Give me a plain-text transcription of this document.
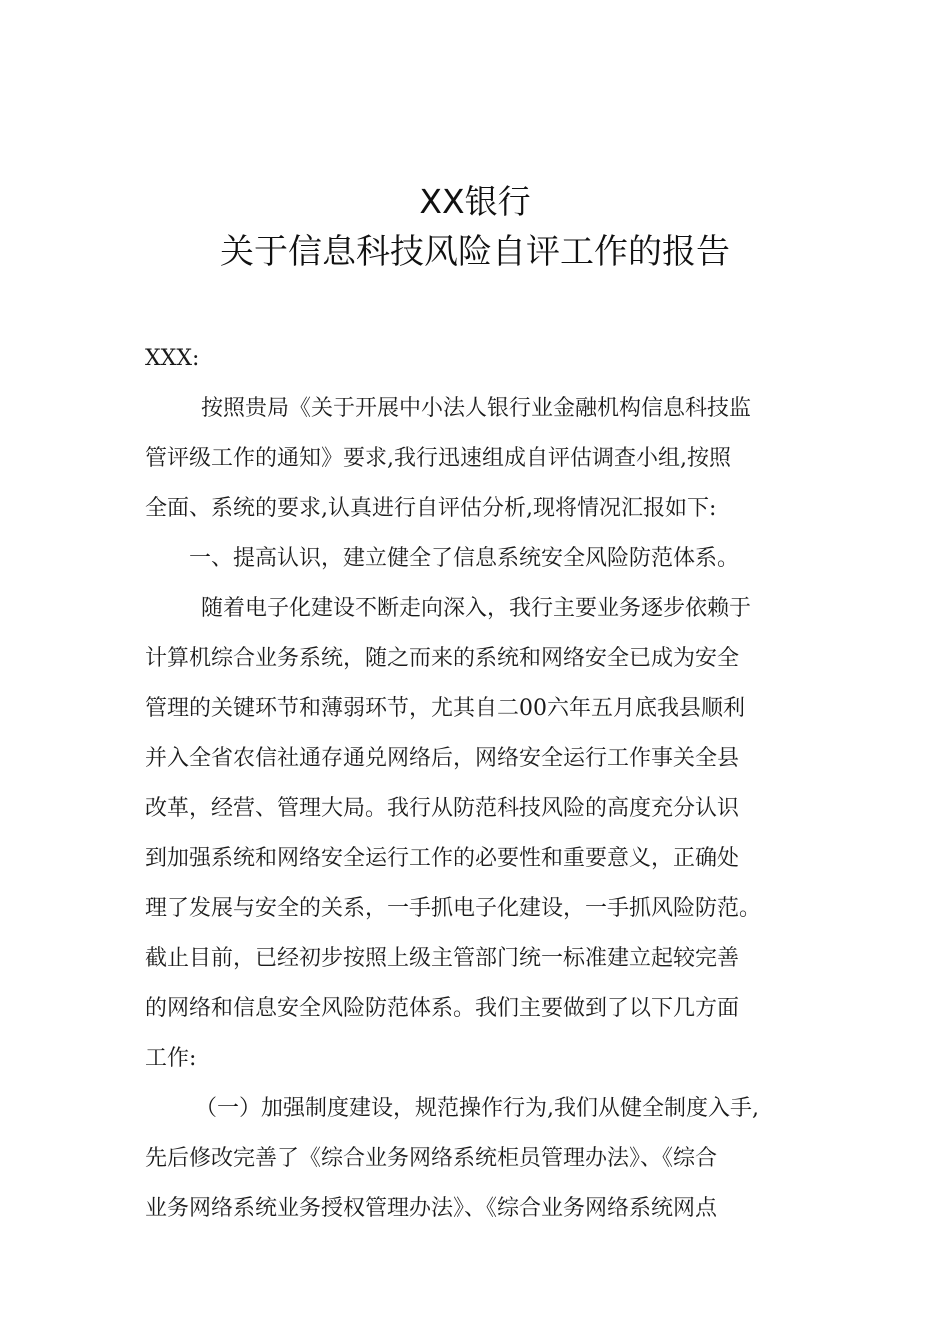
XX银行
关于信息科技风险自评工作的报告
XXX:
按照贵局《关于开展中小法人银行业金融机构信息科技监
管评级工作的通知》要求,我行迅速组成自评估调查小组,按照
全面、系统的要求,认真进行自评估分析,现将情况汇报如下:
一、提高认识，建立健全了信息系统安全风险防范体系。
随着电子化建设不断走向深入，我行主要业务逐步依赖于
计算机综合业务系统，随之而来的系统和网络安全已成为安全
管理的关键环节和薄弱环节，尤其自二00六年五月底我县顺利
并入全省农信社通存通兑网络后，网络安全运行工作事关全县
改革，经营、管理大局。我行从防范科技风险的高度充分认识
到加强系统和网络安全运行工作的必要性和重要意义，正确处
理了发展与安全的关系，一手抓电子化建设，一手抓风险防范。
截止目前，已经初步按照上级主管部门统一标准建立起较完善
的网络和信息安全风险防范体系。我们主要做到了以下几方面
工作:
（一）加强制度建设，规范操作行为,我们从健全制度入手,
先后修改完善了《综合业务网络系统柜员管理办法》、《综合
业务网络系统业务授权管理办法》、《综合业务网络系统网点
